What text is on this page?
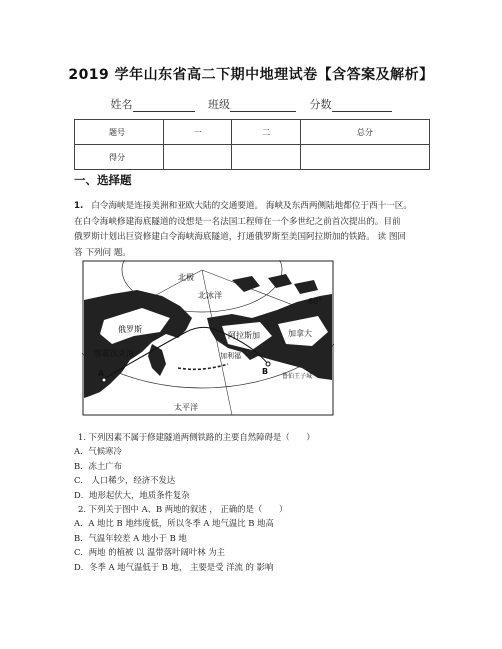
2019 学年山东省高二下期中地理试卷【含答案及解析】
姓名	班级	分数
题号	一	二	总分
得分			
一、选择题
1. 白令海峡是连接美洲和亚欧大陆的交通要道。 海峡及东西两侧陆地都位于西十一区。
在白令海峡修建海底隧道的设想是一名法国工程师在一个多世纪之前首次提出的。目前
俄罗斯计划出巨资修建白令海峡海底隧道，打通俄罗斯至美国阿拉斯加的铁路。 读 图回
答 下列问 题。
北极
北冰洋
俄罗斯
鄂霍次克海
阿拉斯加	加拿大
加利福
鲁伯王子城
太平洋
60°
A	B
1. 下列因素不属于修建隧道两侧铁路的主要自然障碍是（　　）
A．气候寒冷
B．冻土广布
C． 人口稀少，经济不发达
D．地形起伏大，地质条件复杂
2. 下列关于图中 A、B 两地的叙述 ， 正确的是（　　）
A．A 地比 B 地纬度低，所以冬季 A 地气温比 B 地高
B．气温年较差 A 地小于 B 地
C．两地 的植被 以 温带落叶阔叶林 为主
D．冬季 A 地气温低于 B 地， 主要是受 洋流 的 影响
